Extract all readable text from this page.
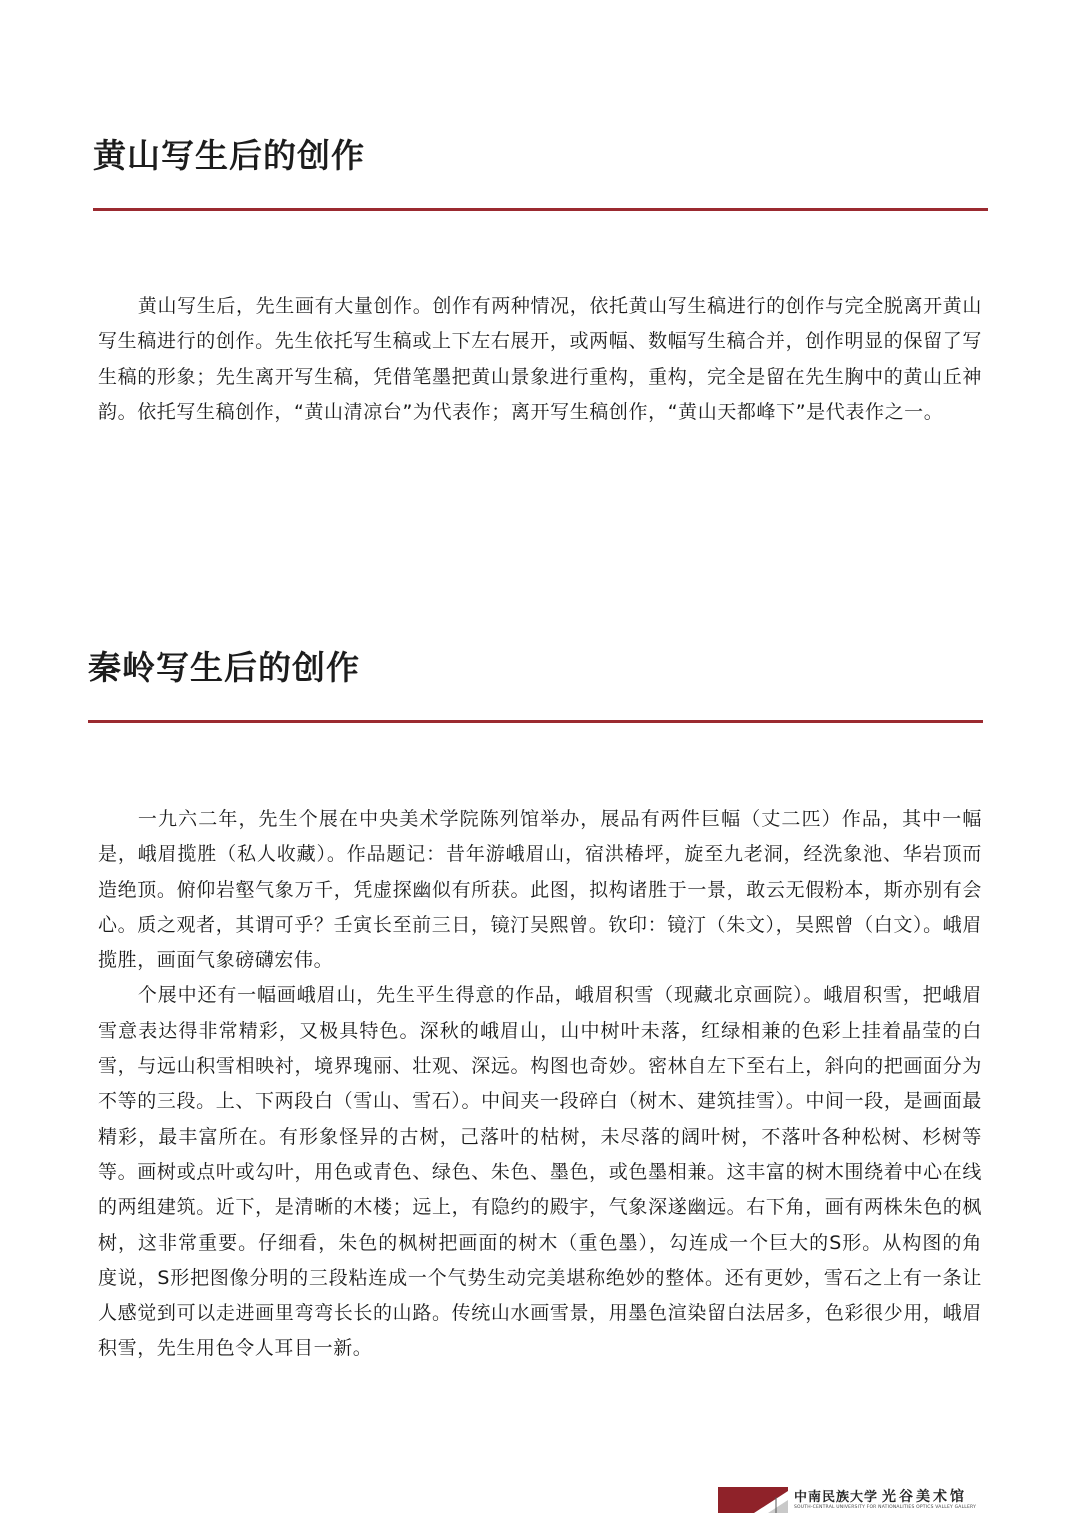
黄山写生后的创作

黄山写生后，先生画有大量创作。创作有两种情况，依托黄山写生稿进行的创作与完全脱离开黄山写生稿进行的创作。先生依托写生稿或上下左右展开，或两幅、数幅写生稿合并，创作明显的保留了写生稿的形象；先生离开写生稿，凭借笔墨把黄山景象进行重构，重构，完全是留在先生胸中的黄山丘神韵。依托写生稿创作，“黄山清凉台”为代表作；离开写生稿创作，“黄山天都峰下”是代表作之一。

秦岭写生后的创作

一九六二年，先生个展在中央美术学院陈列馆举办，展品有两件巨幅（丈二匹）作品，其中一幅是，峨眉揽胜（私人收藏）。作品题记：昔年游峨眉山，宿洪椿坪，旋至九老洞，经洗象池、华岩顶而造绝顶。俯仰岩壑气象万千，凭虚探幽似有所获。此图，拟构诸胜于一景，敢云无假粉本，斯亦别有会心。质之观者，其谓可乎？壬寅长至前三日，镜汀吴熙曾。钦印：镜汀（朱文），吴熙曾（白文）。峨眉揽胜，画面气象磅礴宏伟。

个展中还有一幅画峨眉山，先生平生得意的作品，峨眉积雪（现藏北京画院）。峨眉积雪，把峨眉雪意表达得非常精彩，又极具特色。深秋的峨眉山，山中树叶未落，红绿相兼的色彩上挂着晶莹的白雪，与远山积雪相映衬，境界瑰丽、壮观、深远。构图也奇妙。密林自左下至右上，斜向的把画面分为不等的三段。上、下两段白（雪山、雪石）。中间夹一段碎白（树木、建筑挂雪）。中间一段，是画面最精彩，最丰富所在。有形象怪异的古树，己落叶的枯树，未尽落的阔叶树，不落叶各种松树、杉树等等。画树或点叶或勾叶，用色或青色、绿色、朱色、墨色，或色墨相兼。这丰富的树木围绕着中心在线的两组建筑。近下，是清晰的木楼；远上，有隐约的殿宇，气象深遂幽远。右下角，画有两株朱色的枫树，这非常重要。仔细看，朱色的枫树把画面的树木（重色墨），勾连成一个巨大的S形。从构图的角度说，S形把图像分明的三段粘连成一个气势生动完美堪称绝妙的整体。还有更妙，雪石之上有一条让人感觉到可以走进画里弯弯长长的山路。传统山水画雪景，用墨色渲染留白法居多，色彩很少用，峨眉积雪，先生用色令人耳目一新。

中南民族大学 光谷美术馆
SOUTH-CENTRAL UNIVERSITY FOR NATIONALITIES OPTICS VALLEY GALLERY
